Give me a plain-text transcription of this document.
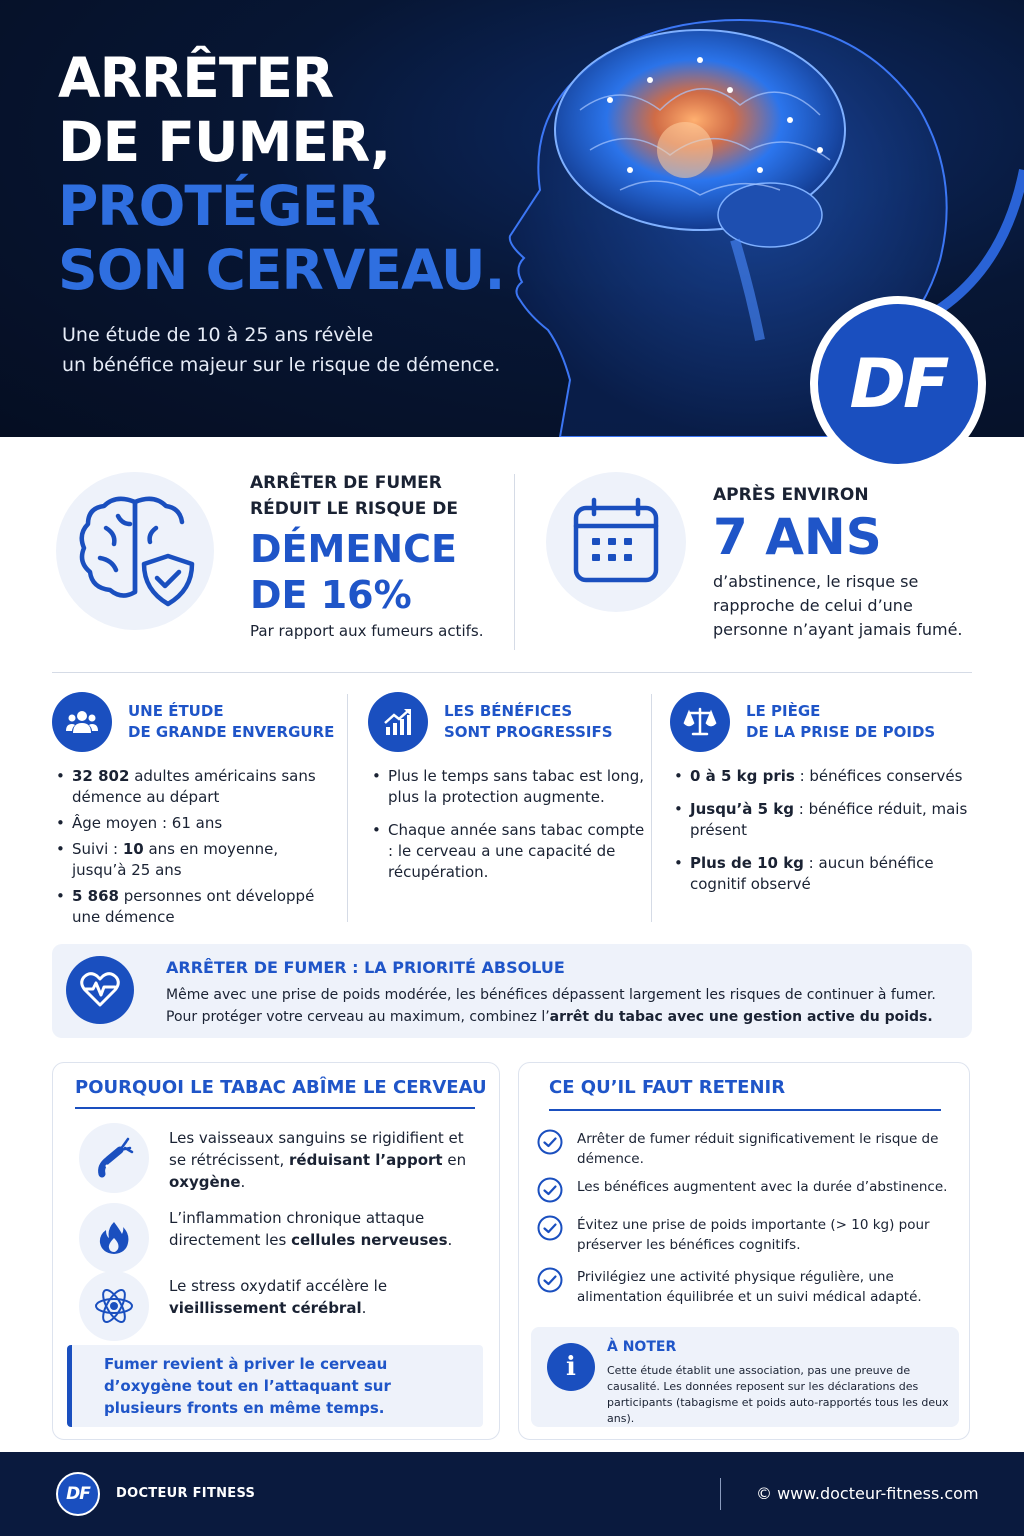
ARRÊTER
DE FUMER,
PROTÉGER
SON CERVEAU.

Une étude de 10 à 25 ans révèle
un bénéfice majeur sur le risque de démence.	DF
ARRÊTER DE FUMER
RÉDUIT LE RISQUE DE
DÉMENCE
DE 16%
Par rapport aux fumeurs actifs.
APRÈS ENVIRON
7 ANS
d’abstinence, le risque se
rapproche de celui d’une
personne n’ayant jamais fumé.
UNE ÉTUDE
DE GRANDE ENVERGURE
• 32 802 adultes américains sans démence au départ
• Âge moyen : 61 ans
• Suivi : 10 ans en moyenne, jusqu’à 25 ans
• 5 868 personnes ont développé une démence
LES BÉNÉFICES
SONT PROGRESSIFS
• Plus le temps sans tabac est long, plus la protection augmente.
• Chaque année sans tabac compte : le cerveau a une capacité de récupération.
LE PIÈGE
DE LA PRISE DE POIDS
• 0 à 5 kg pris : bénéfices conservés
• Jusqu’à 5 kg : bénéfice réduit, mais présent
• Plus de 10 kg : aucun bénéfice cognitif observé
ARRÊTER DE FUMER : LA PRIORITÉ ABSOLUE
Même avec une prise de poids modérée, les bénéfices dépassent largement les risques de continuer à fumer.
Pour protéger votre cerveau au maximum, combinez l’arrêt du tabac avec une gestion active du poids.
POURQUOI LE TABAC ABÎME LE CERVEAU
Les vaisseaux sanguins se rigidifient et se rétrécissent, réduisant l’apport en oxygène.
L’inflammation chronique attaque directement les cellules nerveuses.
Le stress oxydatif accélère le vieillissement cérébral.
Fumer revient à priver le cerveau d’oxygène tout en l’attaquant sur plusieurs fronts en même temps.
CE QU’IL FAUT RETENIR
Arrêter de fumer réduit significativement le risque de démence.
Les bénéfices augmentent avec la durée d’abstinence.
Évitez une prise de poids importante (> 10 kg) pour préserver les bénéfices cognitifs.
Privilégiez une activité physique régulière, une alimentation équilibrée et un suivi médical adapté.
i
À NOTER
Cette étude établit une association, pas une preuve de causalité. Les données reposent sur les déclarations des participants (tabagisme et poids auto-rapportés tous les deux ans).
DF	DOCTEUR FITNESS	© www.docteur-fitness.com
